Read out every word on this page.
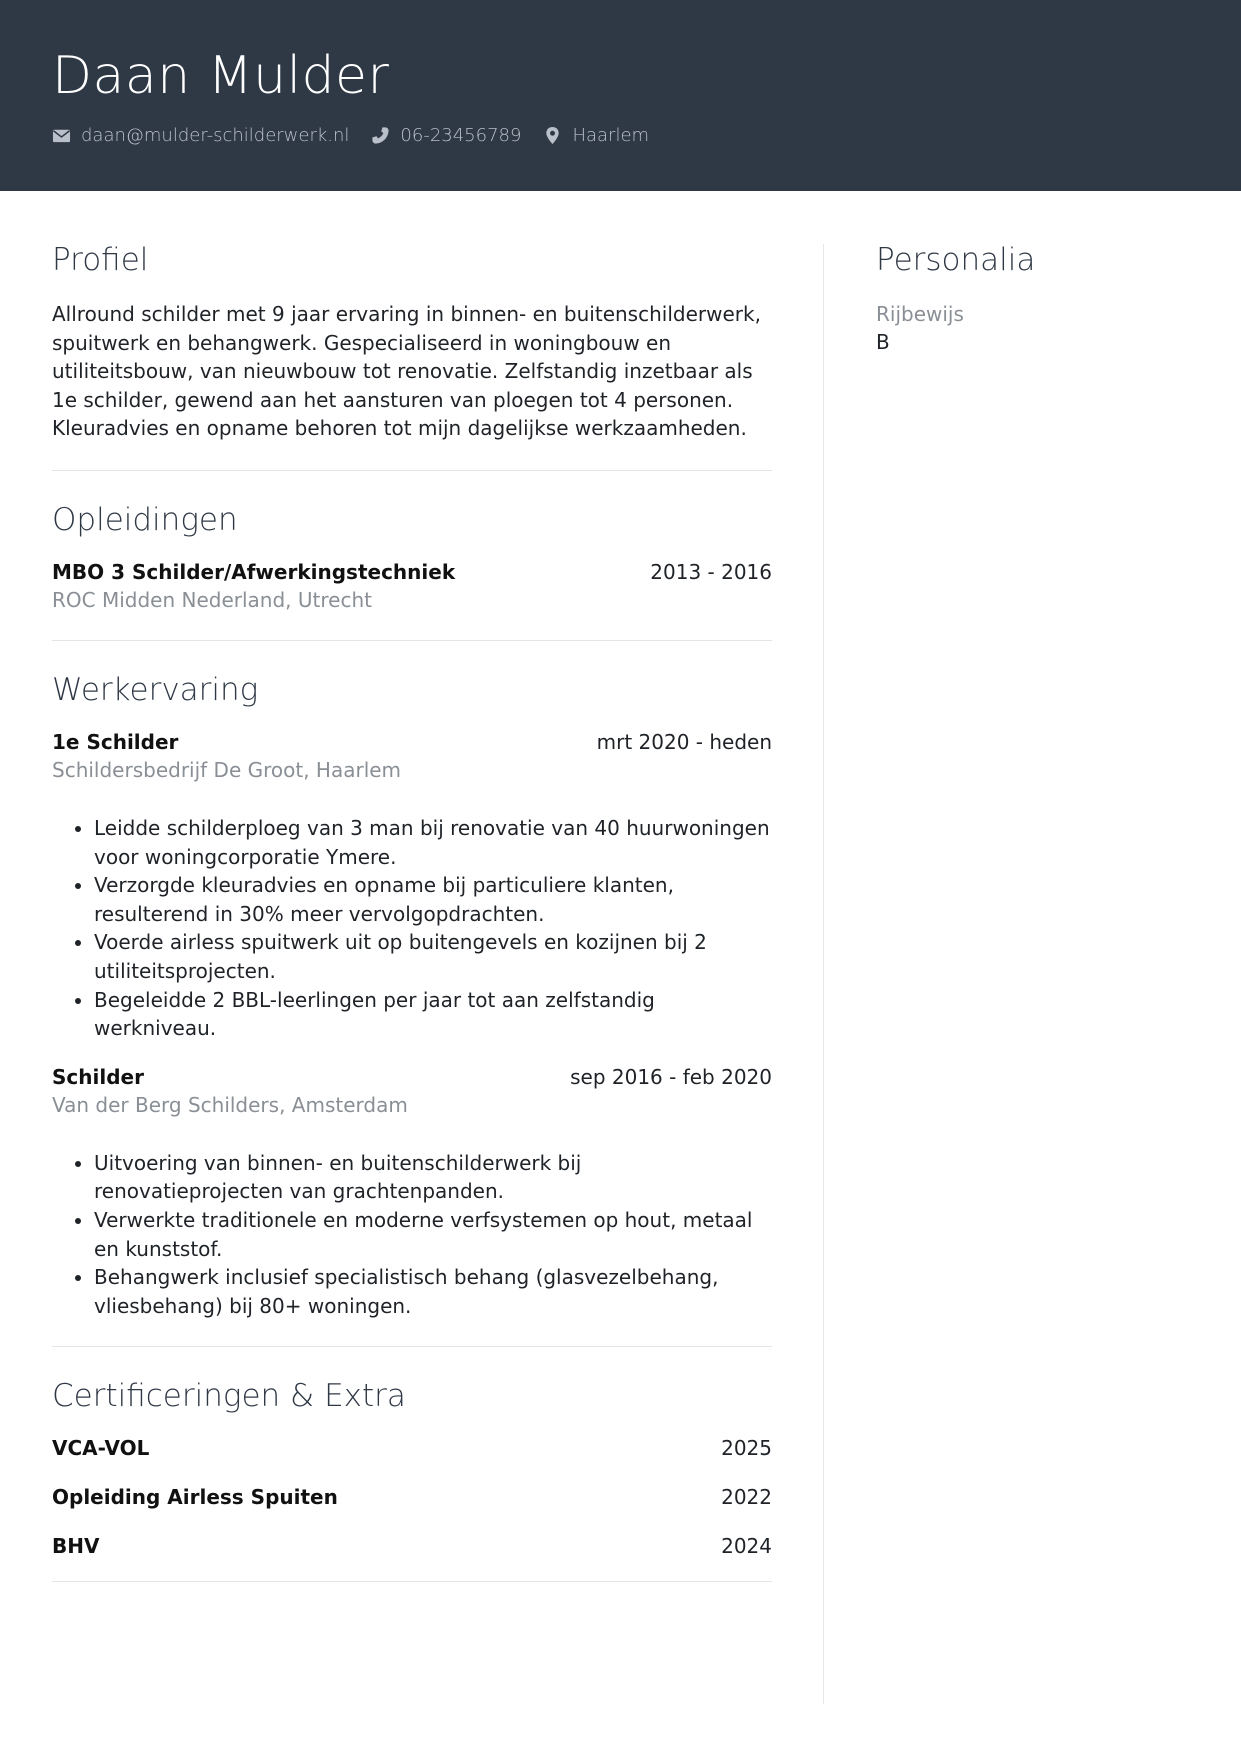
Daan Mulder
daan@mulder-schilderwerk.nl	06-23456789	Haarlem
Profiel

Allround schilder met 9 jaar ervaring in binnen- en buitenschilderwerk, spuitwerk en behangwerk. Gespecialiseerd in woningbouw en utiliteitsbouw, van nieuwbouw tot renovatie. Zelfstandig inzetbaar als 1e schilder, gewend aan het aansturen van ploegen tot 4 personen. Kleuradvies en opname behoren tot mijn dagelijkse werkzaamheden.

Opleidingen
MBO 3 Schilder/Afwerkingstechniek	2013 - 2016
ROC Midden Nederland, Utrecht
Werkervaring
1e Schilder	mrt 2020 - heden
Schildersbedrijf De Groot, Haarlem
• Leidde schilderploeg van 3 man bij renovatie van 40 huurwoningen voor woningcorporatie Ymere.
• Verzorgde kleuradvies en opname bij particuliere klanten, resulterend in 30% meer vervolgopdrachten.
• Voerde airless spuitwerk uit op buitengevels en kozijnen bij 2 utiliteitsprojecten.
• Begeleidde 2 BBL-leerlingen per jaar tot aan zelfstandig werkniveau.
Schilder	sep 2016 - feb 2020
Van der Berg Schilders, Amsterdam
• Uitvoering van binnen- en buitenschilderwerk bij renovatieprojecten van grachtenpanden.
• Verwerkte traditionele en moderne verfsystemen op hout, metaal en kunststof.
• Behangwerk inclusief specialistisch behang (glasvezelbehang, vliesbehang) bij 80+ woningen.
Certificeringen & Extra
VCA-VOL	2025
Opleiding Airless Spuiten	2022
BHV	2024
Personalia
Rijbewijs
B
